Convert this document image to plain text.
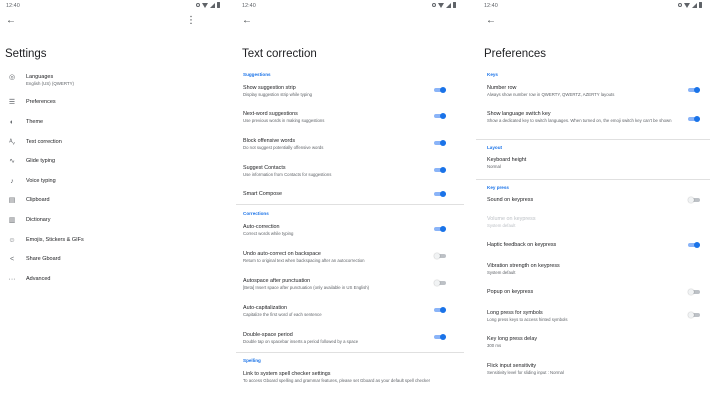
12:40
←	⋮
Settings
◎ Languages
English (US) (QWERTY)
☰ Preferences
◐	Theme
ᴬᵥ Text correction
∿ Glide typing
♪	Voice typing
▤ Clipboard
▥ Dictionary
☺ Emojis, Stickers & GIFs
<	Share Gboard
··· Advanced
12:40
←
Text correction
Suggestions
Show suggestion strip
Display suggestion strip while typing
Next-word suggestions
Use previous words in making suggestions
Block offensive words
Do not suggest potentially offensive words
Suggest Contacts
Use information from Contacts for suggestions
Smart Compose
Corrections
Auto-correction
Correct words while typing
Undo auto-correct on backspace
Return to original text when backspacing after an autocorrection
Autospace after punctuation
[Beta] Insert space after punctuation (only available in US English)
Auto-capitalization
Capitalize the first word of each sentence
Double-space period
Double tap on spacebar inserts a period followed by a space
Spelling
Link to system spell checker settings
To access Gboard spelling and grammar features, please set Gboard as your default spell checker
12:40
←
Preferences
Keys
Number row
Always show number row in QWERTY, QWERTZ, AZERTY layouts
Show language switch key
Show a dedicated key to switch languages. When turned on, the emoji switch key can't be shown
Layout
Keyboard height
Normal
Key press
Sound on keypress
Volume on keypress
System default
Haptic feedback on keypress
Vibration strength on keypress
System default
Popup on keypress
Long press for symbols
Long press keys to access hinted symbols
Key long press delay
300 ms
Flick input sensitivity
Sensitivity level for sliding input : Normal
